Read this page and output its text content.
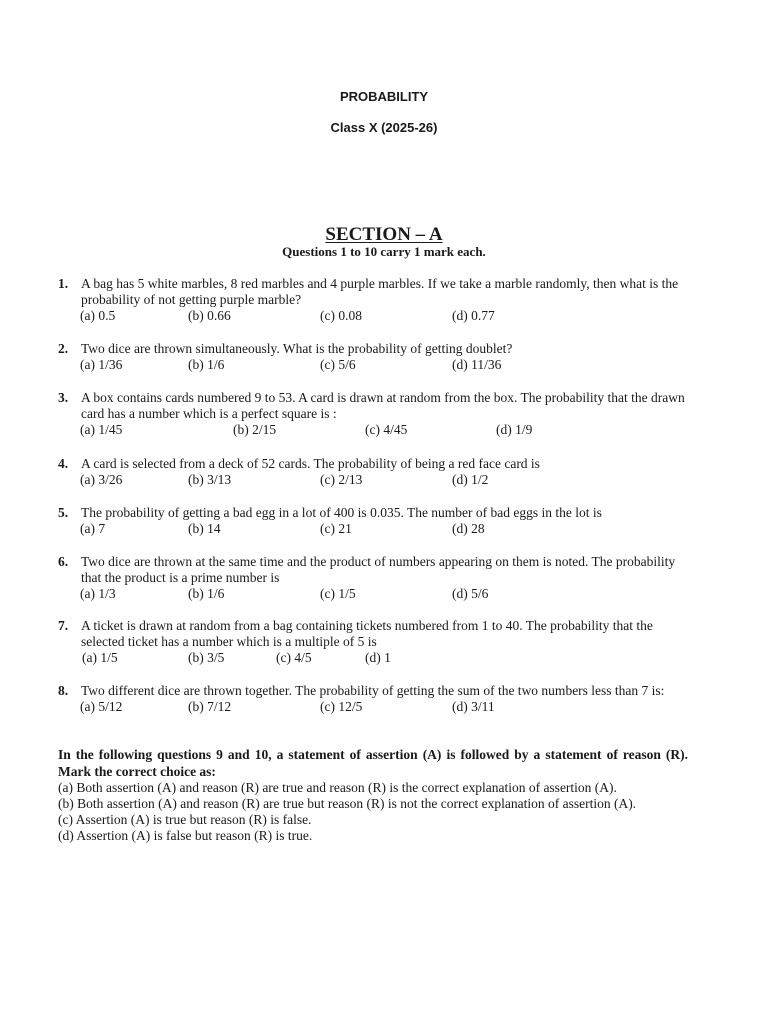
PROBABILITY
Class X (2025-26)
SECTION – A
Questions 1 to 10 carry 1 mark each.
1. A bag has 5 white marbles, 8 red marbles and 4 purple marbles. If we take a marble randomly, then what is the probability of not getting purple marble?
(a) 0.5	(b) 0.66	(c) 0.08	(d) 0.77
2. Two dice are thrown simultaneously. What is the probability of getting doublet?
(a) 1/36	(b) 1/6	(c) 5/6	(d) 11/36
3. A box contains cards numbered 9 to 53. A card is drawn at random from the box. The probability that the drawn card has a number which is a perfect square is :
(a) 1/45	(b) 2/15	(c) 4/45	(d) 1/9
4. A card is selected from a deck of 52 cards. The probability of being a red face card is
(a) 3/26	(b) 3/13	(c) 2/13	(d) 1/2
5. The probability of getting a bad egg in a lot of 400 is 0.035. The number of bad eggs in the lot is
(a) 7	(b) 14	(c) 21	(d) 28
6. Two dice are thrown at the same time and the product of numbers appearing on them is noted. The probability that the product is a prime number is
(a) 1/3	(b) 1/6	(c) 1/5	(d) 5/6
7. A ticket is drawn at random from a bag containing tickets numbered from 1 to 40. The probability that the selected ticket has a number which is a multiple of 5 is
(a) 1/5	(b) 3/5	(c) 4/5	(d) 1
8. Two different dice are thrown together. The probability of getting the sum of the two numbers less than 7 is:
(a) 5/12	(b) 7/12	(c) 12/5	(d) 3/11
In the following questions 9 and 10, a statement of assertion (A) is followed by a statement of reason (R). Mark the correct choice as:
(a) Both assertion (A) and reason (R) are true and reason (R) is the correct explanation of assertion (A).
(b) Both assertion (A) and reason (R) are true but reason (R) is not the correct explanation of assertion (A).
(c) Assertion (A) is true but reason (R) is false.
(d) Assertion (A) is false but reason (R) is true.
